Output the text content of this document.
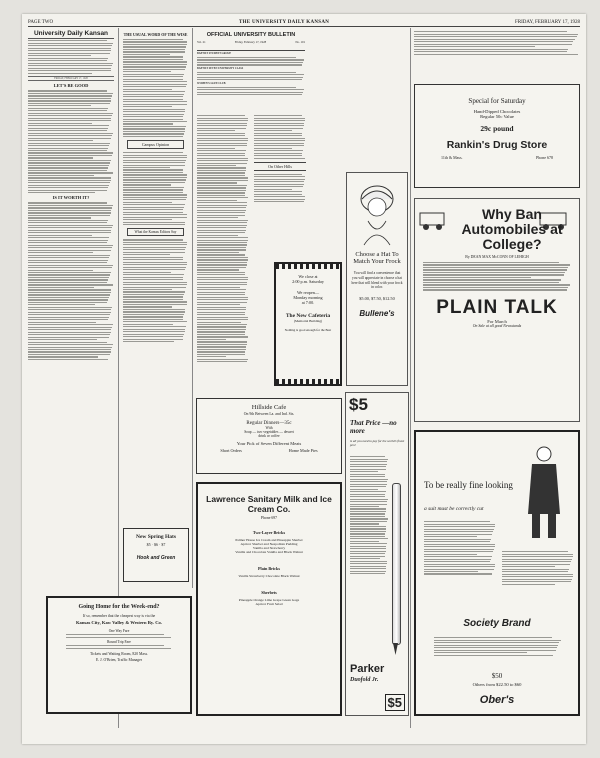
PAGE TWO	THE UNIVERSITY DAILY KANSAN	FRIDAY, FEBRUARY 17, 1928
University Daily Kansan
FRIDAY, FEBRUARY 17, 1928
LET'S BE GOOD
IS IT WORTH IT?
THE USUAL WORD OF THE WISE
Campus Opinion
What the Kansas Editors Say
New Spring Hats
$5 · $6 · $7
Hook and Green
OFFICIAL UNIVERSITY BULLETIN
Vol. 21	Friday, February 17, 1928	No. 101
BAPTIST STUDENT GROUP
BAPTIST SEVEN UNIVERSITY CLASS
WOMEN'S GLEE CLUB
On Other Hills
We close at
2:00 p.m. Saturday
We reopen—
Monday morning
at 7:00.
The New Cafeteria
(Memorial Building)
Nothing is good enough for the Best
Choose a Hat To Match Your Frock
You will find a convenience that you will appreciate in choose a hat here that will blend with your frock in color.
$5.00, $7.50, $12.50
Bullene's
Hillside Cafe
On 9th Between La. and Ind. Sts.
Regular Dinners—35c
With
Soup — two vegetables — dessert
drink or coffee
Your Pick of Seven Different Meats
Short Orders	Home Made Pies
Lawrence Sanitary Milk and Ice Cream Co.
Phone 697
Two-Layer Bricks
Palmer House Ice Cream and Pineapple Sherbet
Apricot Sherbet and Neapolitan Pudding
Vanilla and Strawberry
Vanilla and Chocolate Vanilla and Black Walnut
Plain Bricks
Vanilla Strawberry Chocolate Black Walnut
Sherbets
Pineapple Orange Lime Grape Green Gage
Apricot Fruit Salad
Going Home for the Week-end?
If so, remember that the cheapest way is via the
Kansas City, Kaw Valley & Western Ry. Co.
One Way Fare
Round Trip Fare
Tickets and Waiting Room, 820 Mass.
E. J. O'Brien, Traffic Manager
$5
That Price —no more
is all you need to pay for the world's finest pen!
Parker
Duofold Jr.
$5
Special for Saturday
Hand-Dipped Chocolates
Regular 50c Value
29c pound
Rankin's Drug Store
11th & Mass.	Phone 678
Why Ban Automobiles at College?
By DEAN MAX McCONN OF LEHIGH
PLAIN TALK
For March
On Sale at all good Newsstands
To be really fine looking
a suit must be correctly cut
Society Brand
$50
Others from $22.50 to $60
Ober's
